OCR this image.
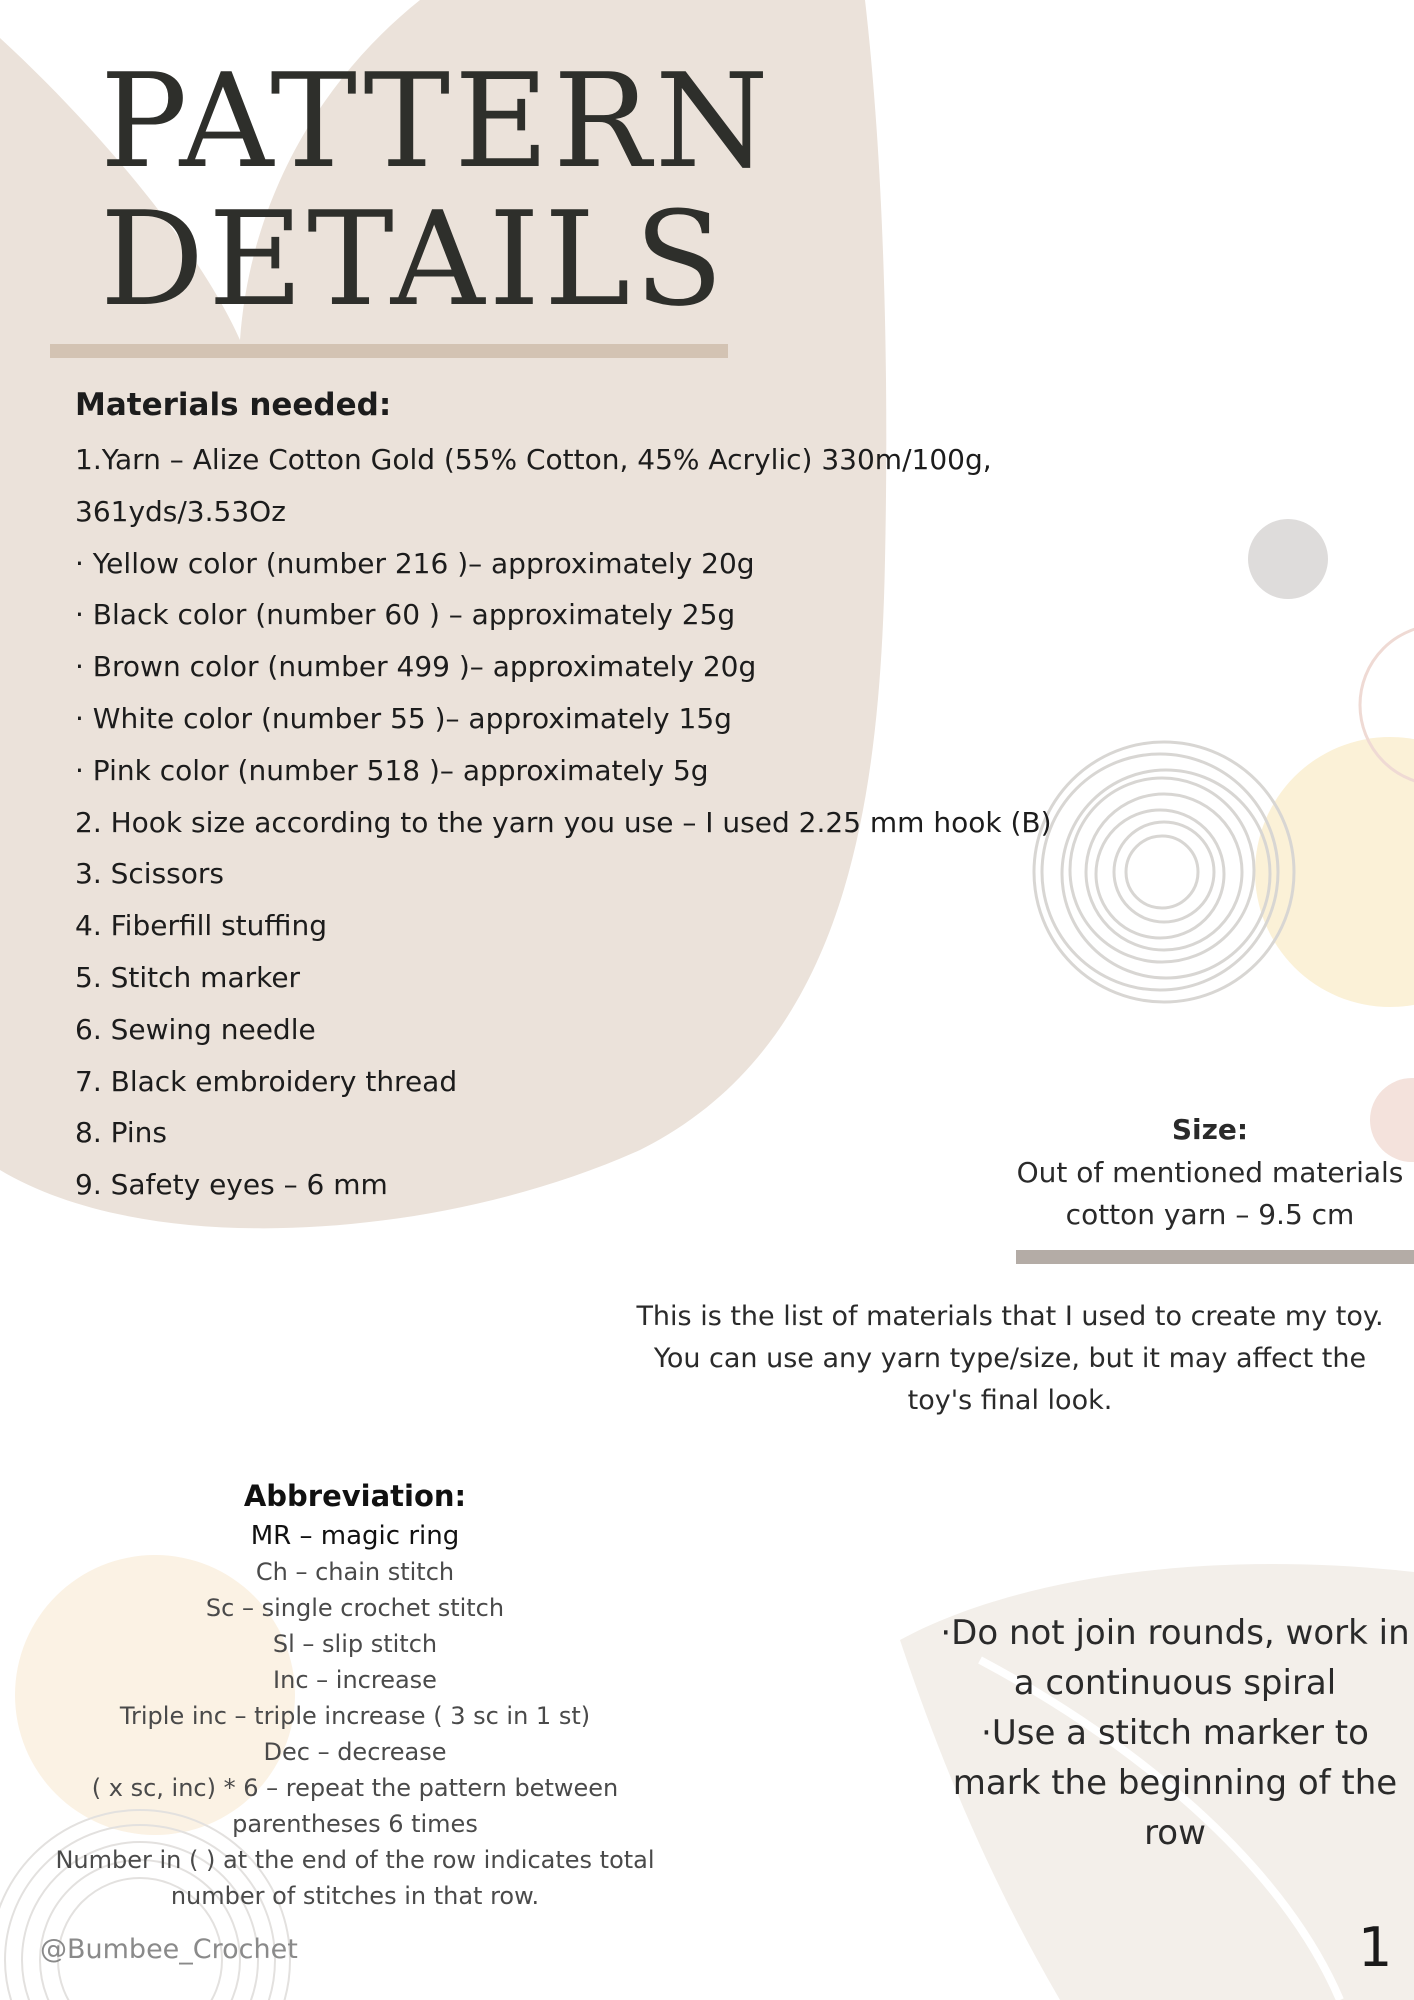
PATTERN
DETAILS
Materials needed:
1.Yarn – Alize Cotton Gold (55% Cotton, 45% Acrylic) 330m/100g,
361yds/3.53Oz
· Yellow color (number 216 )– approximately 20g
· Black color (number 60 ) – approximately 25g
· Brown color (number 499 )– approximately 20g
· White color (number 55 )– approximately 15g
· Pink color (number 518 )– approximately 5g
2. Hook size according to the yarn you use – I used 2.25 mm hook (B)
3. Scissors
4. Fiberfill stuffing
5. Stitch marker
6. Sewing needle
7. Black embroidery thread
8. Pins
9. Safety eyes – 6 mm
Size:
Out of mentioned materials
cotton yarn – 9.5 cm
This is the list of materials that I used to create my toy.
You can use any yarn type/size, but it may affect the
toy's final look.
Abbreviation:
MR – magic ring
Ch – chain stitch
Sc – single crochet stitch
Sl – slip stitch
Inc – increase
Triple inc – triple increase ( 3 sc in 1 st)
Dec – decrease
( x sc, inc) * 6 – repeat the pattern between
parentheses 6 times
Number in ( ) at the end of the row indicates total
number of stitches in that row.
·Do not join rounds, work in
a continuous spiral
·Use a stitch marker to
mark the beginning of the
row
@Bumbee_Crochet	1
